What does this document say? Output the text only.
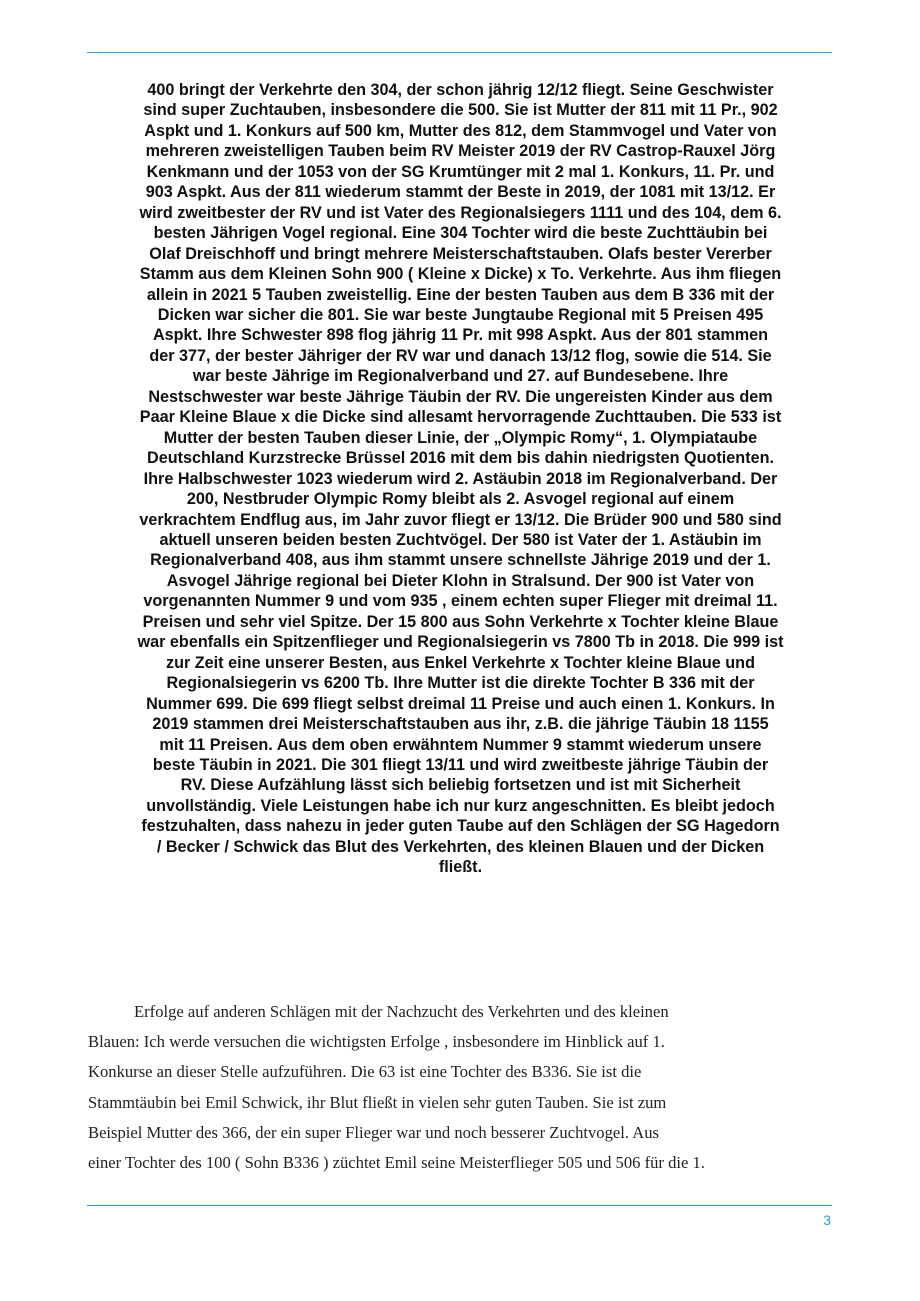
400 bringt der Verkehrte den 304, der schon jährig 12/12 fliegt. Seine Geschwister
sind super Zuchtauben, insbesondere die 500. Sie ist Mutter der 811 mit 11 Pr., 902
Aspkt und 1. Konkurs auf 500 km, Mutter des 812, dem Stammvogel und Vater von
mehreren zweistelligen Tauben beim RV Meister 2019 der RV Castrop-Rauxel Jörg
Kenkmann und der 1053 von der SG Krumtünger mit 2 mal 1. Konkurs, 11. Pr. und
903 Aspkt. Aus der 811 wiederum stammt der Beste in 2019, der 1081 mit 13/12. Er
wird zweitbester der RV und ist Vater des Regionalsiegers 1111 und des 104, dem 6.
besten Jährigen Vogel regional. Eine 304 Tochter wird die beste Zuchttäubin bei
Olaf Dreischhoff und bringt mehrere Meisterschaftstauben. Olafs bester Vererber
Stamm aus dem Kleinen Sohn 900 ( Kleine x Dicke) x To. Verkehrte. Aus ihm fliegen
allein in 2021 5 Tauben zweistellig. Eine der besten Tauben aus dem B 336 mit der
Dicken war sicher die 801. Sie war beste Jungtaube Regional mit 5 Preisen 495
Aspkt. Ihre Schwester 898 flog jährig 11 Pr. mit 998 Aspkt. Aus der 801 stammen
der 377, der bester Jähriger der RV war und danach 13/12 flog, sowie die 514. Sie
war beste Jährige im Regionalverband und 27. auf Bundesebene. Ihre
Nestschwester war beste Jährige Täubin der RV. Die ungereisten Kinder aus dem
Paar Kleine Blaue x die Dicke sind allesamt hervorragende Zuchttauben. Die 533 ist
Mutter der besten Tauben dieser Linie, der „Olympic Romy“, 1. Olympiataube
Deutschland Kurzstrecke Brüssel 2016 mit dem bis dahin niedrigsten Quotienten.
Ihre Halbschwester 1023 wiederum wird 2. Astäubin 2018 im Regionalverband. Der
200, Nestbruder Olympic Romy bleibt als 2. Asvogel regional auf einem
verkrachtem Endflug aus, im Jahr zuvor fliegt er 13/12. Die Brüder 900 und 580 sind
aktuell unseren beiden besten Zuchtvögel. Der 580 ist Vater der 1. Astäubin im
Regionalverband 408, aus ihm stammt unsere schnellste Jährige 2019 und der 1.
Asvogel Jährige regional bei Dieter Klohn in Stralsund. Der 900 ist Vater von
vorgenannten Nummer 9 und vom 935 , einem echten super Flieger mit dreimal 11.
Preisen und sehr viel Spitze. Der 15 800 aus Sohn Verkehrte x Tochter kleine Blaue
war ebenfalls ein Spitzenflieger und Regionalsiegerin vs 7800 Tb in 2018. Die 999 ist
zur Zeit eine unserer Besten, aus Enkel Verkehrte x Tochter kleine Blaue und
Regionalsiegerin vs 6200 Tb. Ihre Mutter ist die direkte Tochter B 336 mit der
Nummer 699. Die 699 fliegt selbst dreimal 11 Preise und auch einen 1. Konkurs. In
2019 stammen drei Meisterschaftstauben aus ihr, z.B. die jährige Täubin 18 1155
mit 11 Preisen. Aus dem oben erwähntem Nummer 9 stammt wiederum unsere
beste Täubin in 2021. Die 301 fliegt 13/11 und wird zweitbeste jährige Täubin der
RV. Diese Aufzählung lässt sich beliebig fortsetzen und ist mit Sicherheit
unvollständig. Viele Leistungen habe ich nur kurz angeschnitten. Es bleibt jedoch
festzuhalten, dass nahezu in jeder guten Taube auf den Schlägen der SG Hagedorn
/ Becker / Schwick das Blut des Verkehrten, des kleinen Blauen und der Dicken
fließt.
Erfolge auf anderen Schlägen mit der Nachzucht des Verkehrten und des kleinen
Blauen: Ich werde versuchen die wichtigsten Erfolge , insbesondere im Hinblick auf 1.
Konkurse an dieser Stelle aufzuführen. Die 63 ist eine Tochter des B336. Sie ist die
Stammtäubin bei Emil Schwick, ihr Blut fließt in vielen sehr guten Tauben. Sie ist zum
Beispiel Mutter des 366, der ein super Flieger war und noch besserer Zuchtvogel. Aus
einer Tochter des 100 ( Sohn B336 ) züchtet Emil seine Meisterflieger 505 und 506 für die 1.
3
